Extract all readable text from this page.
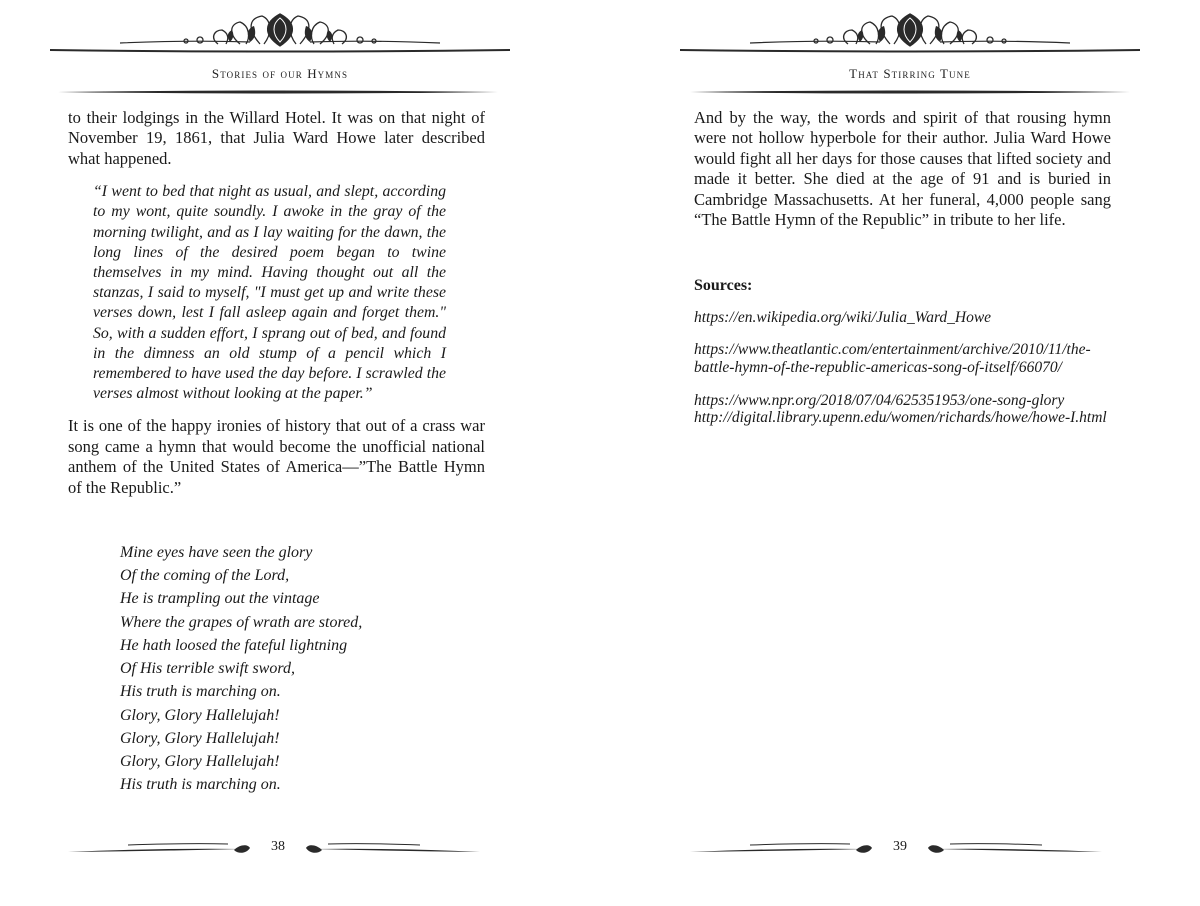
Stories of our Hymns

to their lodgings in the Willard Hotel. It was on that night of November 19, 1861, that Julia Ward Howe later described what happened.

“I went to bed that night as usual, and slept, according to my wont, quite soundly. I awoke in the gray of the morning twilight, and as I lay waiting for the dawn, the long lines of the desired poem began to twine themselves in my mind. Having thought out all the stanzas, I said to myself, "I must get up and write these verses down, lest I fall asleep again and forget them." So, with a sudden effort, I sprang out of bed, and found in the dimness an old stump of a pencil which I remembered to have used the day before. I scrawled the verses almost without looking at the paper.”

It is one of the happy ironies of history that out of a crass war song came a hymn that would become the unofficial national anthem of the United States of America—”The Battle Hymn of the Republic.”

Mine eyes have seen the glory
Of the coming of the Lord,
He is trampling out the vintage
Where the grapes of wrath are stored,
He hath loosed the fateful lightning
Of His terrible swift sword,
His truth is marching on.
Glory, Glory Hallelujah!
Glory, Glory Hallelujah!
Glory, Glory Hallelujah!
His truth is marching on.
38
That Stirring Tune

And by the way, the words and spirit of that rousing hymn were not hollow hyperbole for their author. Julia Ward Howe would fight all her days for those causes that lifted society and made it better. She died at the age of 91 and is buried in Cambridge Massachusetts. At her funeral, 4,000 people sang “The Battle Hymn of the Republic” in tribute to her life.

Sources:

https://en.wikipedia.org/wiki/Julia_Ward_Howe

https://www.theatlantic.com/entertainment/archive/2010/11/the-battle-hymn-of-the-republic-americas-song-of-itself/66070/

https://www.npr.org/2018/07/04/625351953/one-song-glory

http://digital.library.upenn.edu/women/richards/howe/howe-I.html

39
